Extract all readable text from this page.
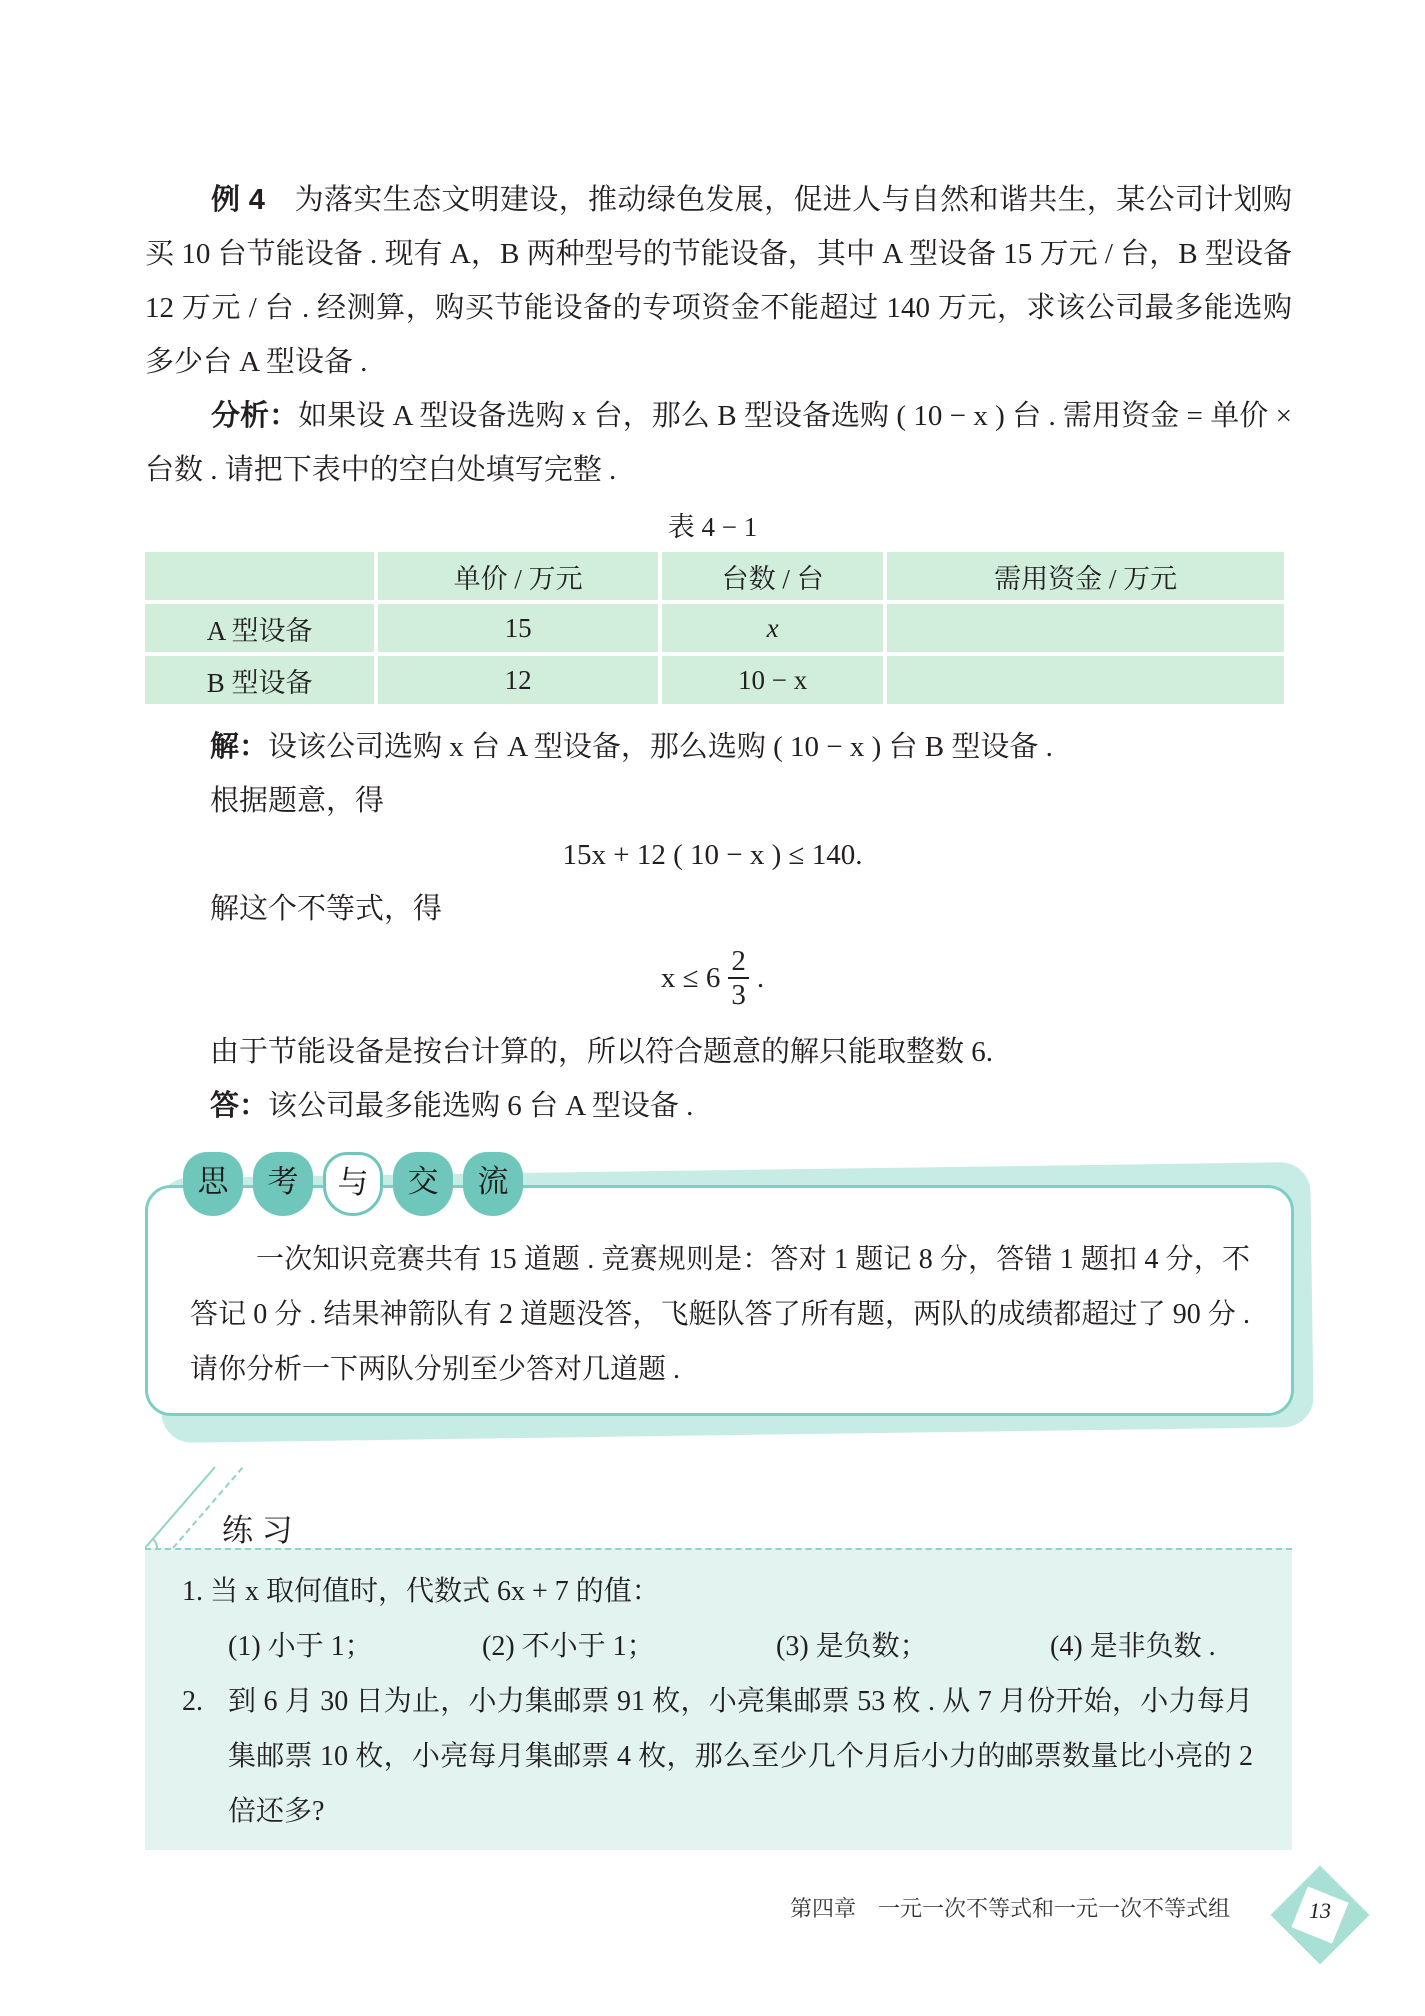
例 4　 为落实生态文明建设，推动绿色发展，促进人与自然和谐共生，某公司计划购买 10 台节能设备 . 现有 A，B 两种型号的节能设备，其中 A 型设备 15 万元 / 台，B 型设备 12 万元 / 台 . 经测算，购买节能设备的专项资金不能超过 140 万元，求该公司最多能选购多少台 A 型设备 .

分析：如果设 A 型设备选购 x 台，那么 B 型设备选购 ( 10 − x ) 台 . 需用资金 = 单价 × 台数 . 请把下表中的空白处填写完整 .

表 4 − 1
	单价 / 万元	台数 / 台	需用资金 / 万元
A 型设备	15	x	
B 型设备	12	10 − x	
解：设该公司选购 x 台 A 型设备，那么选购 ( 10 − x ) 台 B 型设备 .
根据题意，得
15x + 12 ( 10 − x ) ≤ 140.
解这个不等式，得
$x \le 6 \frac{2}{3}$ .
由于节能设备是按台计算的，所以符合题意的解只能取整数 6.
答：该公司最多能选购 6 台 A 型设备 .
思	考	与	交	流
一次知识竞赛共有 15 道题 . 竞赛规则是：答对 1 题记 8 分，答错 1 题扣 4 分，不答记 0 分 . 结果神箭队有 2 道题没答，飞艇队答了所有题，两队的成绩都超过了 90 分 . 请你分析一下两队分别至少答对几道题 .
练 习
1. 当 x 取何值时，代数式 6x + 7 的值：
(1) 小于 1；	(2) 不小于 1；	(3) 是负数；	(4) 是非负数 .
2. 到 6 月 30 日为止，小力集邮票 91 枚，小亮集邮票 53 枚 . 从 7 月份开始，小力每月集邮票 10 枚，小亮每月集邮票 4 枚，那么至少几个月后小力的邮票数量比小亮的 2 倍还多?
第四章　一元一次不等式和一元一次不等式组	13
